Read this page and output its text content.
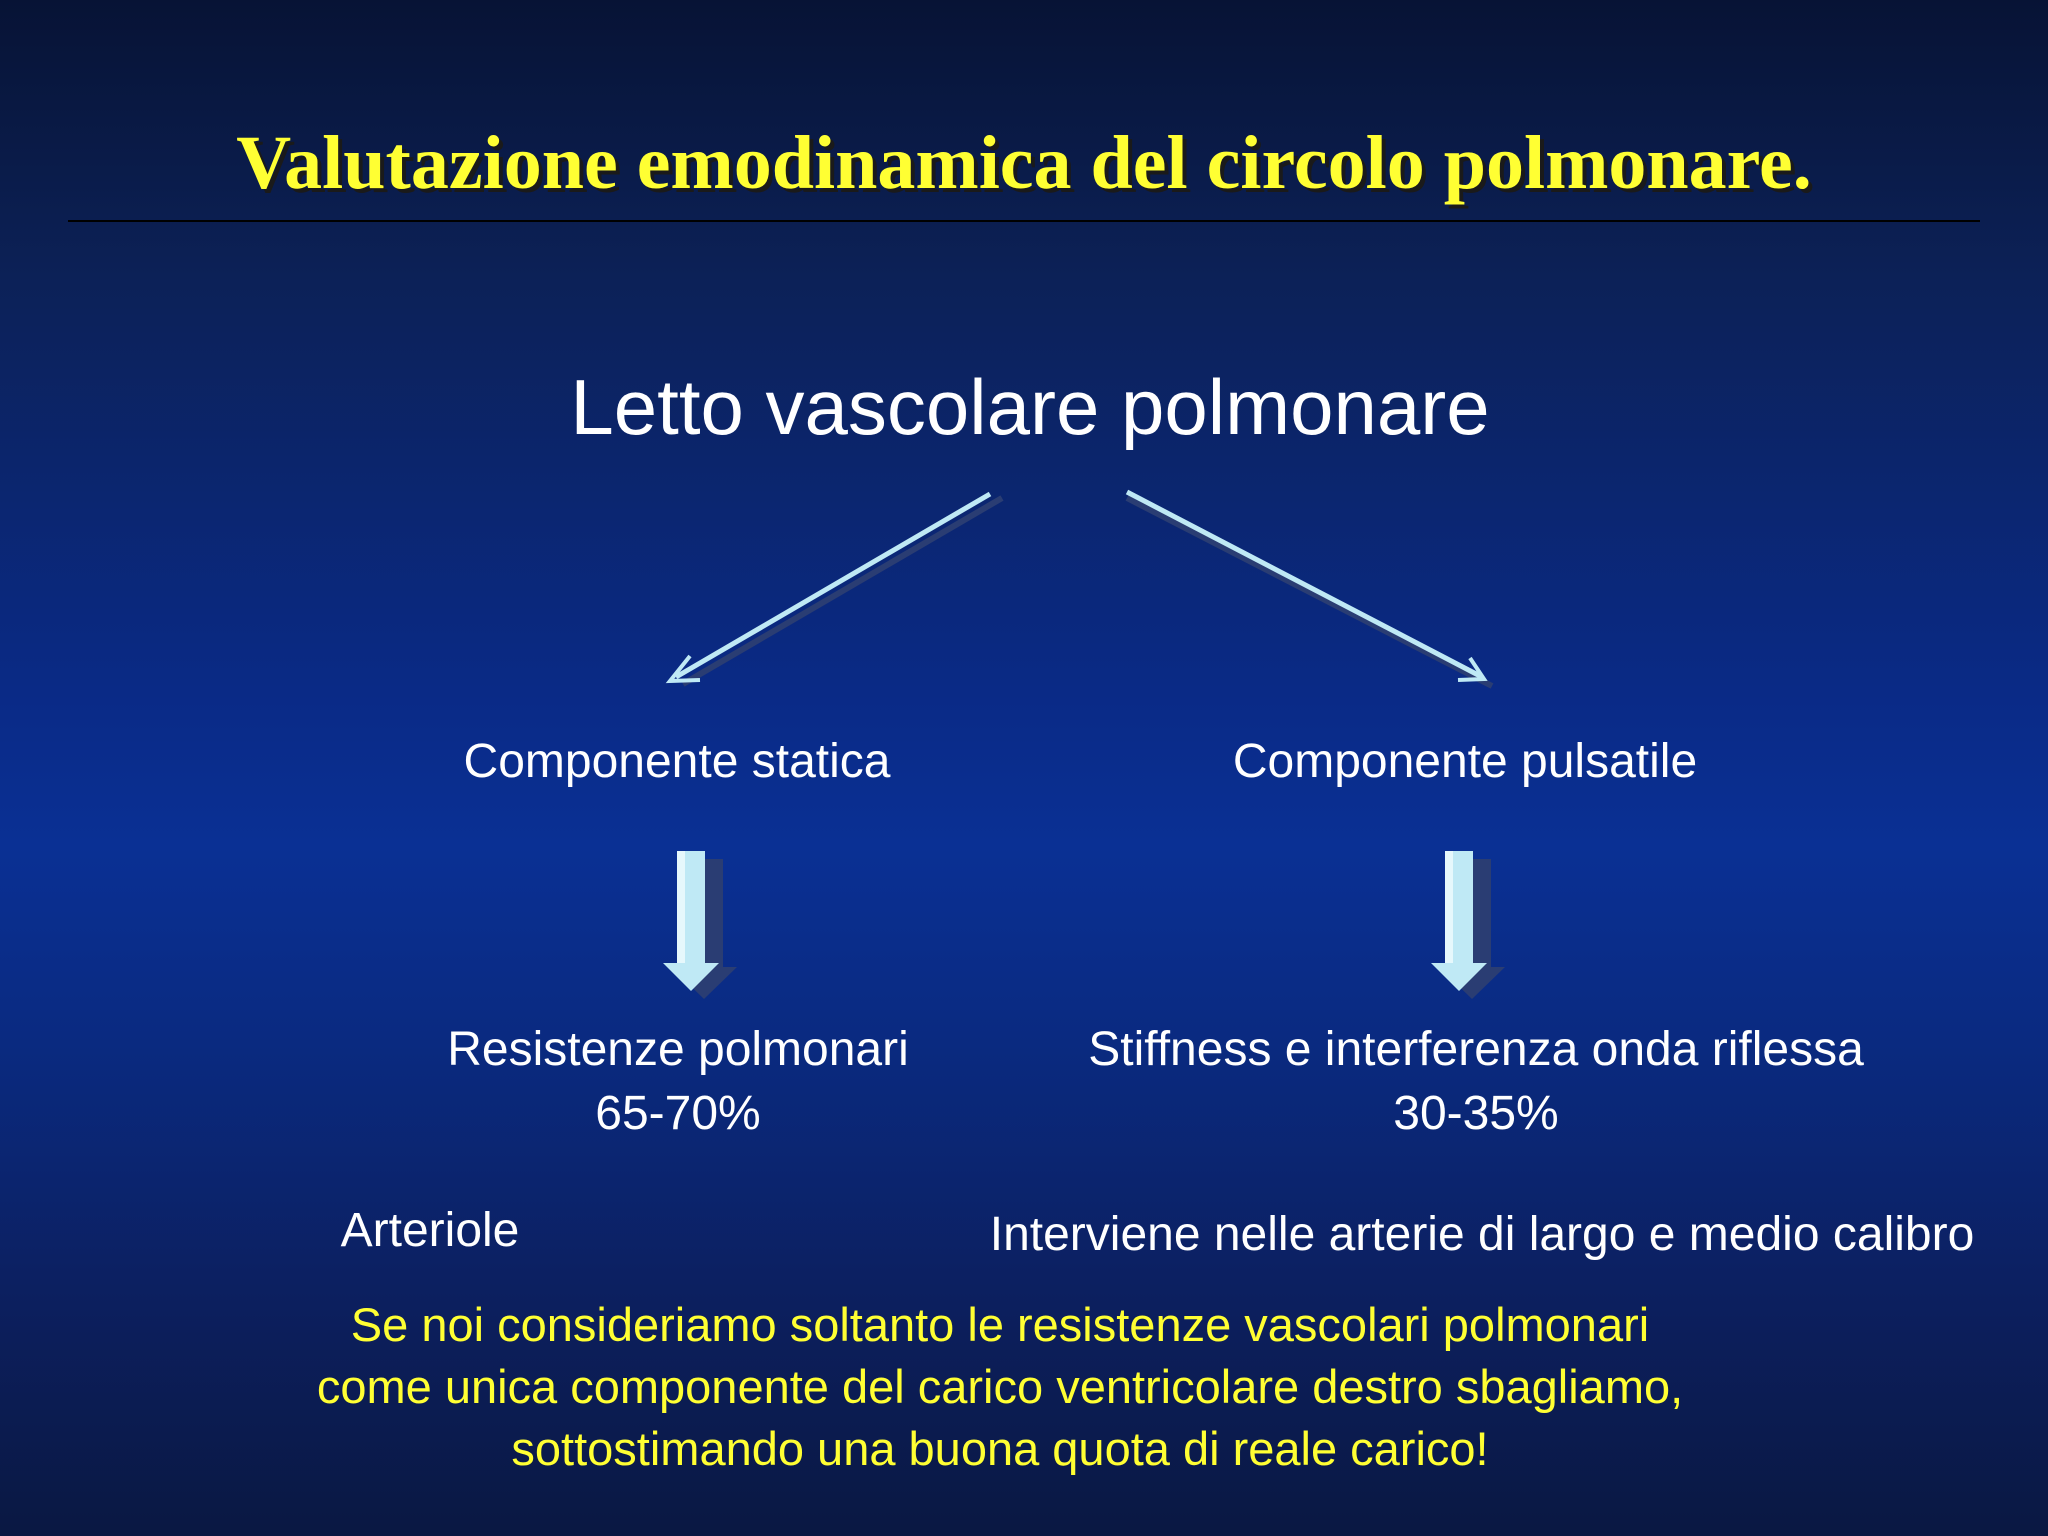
Valutazione emodinamica del circolo polmonare.
Letto vascolare polmonare
Componente statica	Componente pulsatile
Resistenze polmonari
65-70%
Stiffness e interferenza onda riflessa
30-35%
Arteriole	Interviene nelle arterie di largo e medio calibro
Se noi consideriamo soltanto le resistenze vascolari polmonari
come unica componente del carico ventricolare destro sbagliamo,
sottostimando una buona quota di reale carico!
